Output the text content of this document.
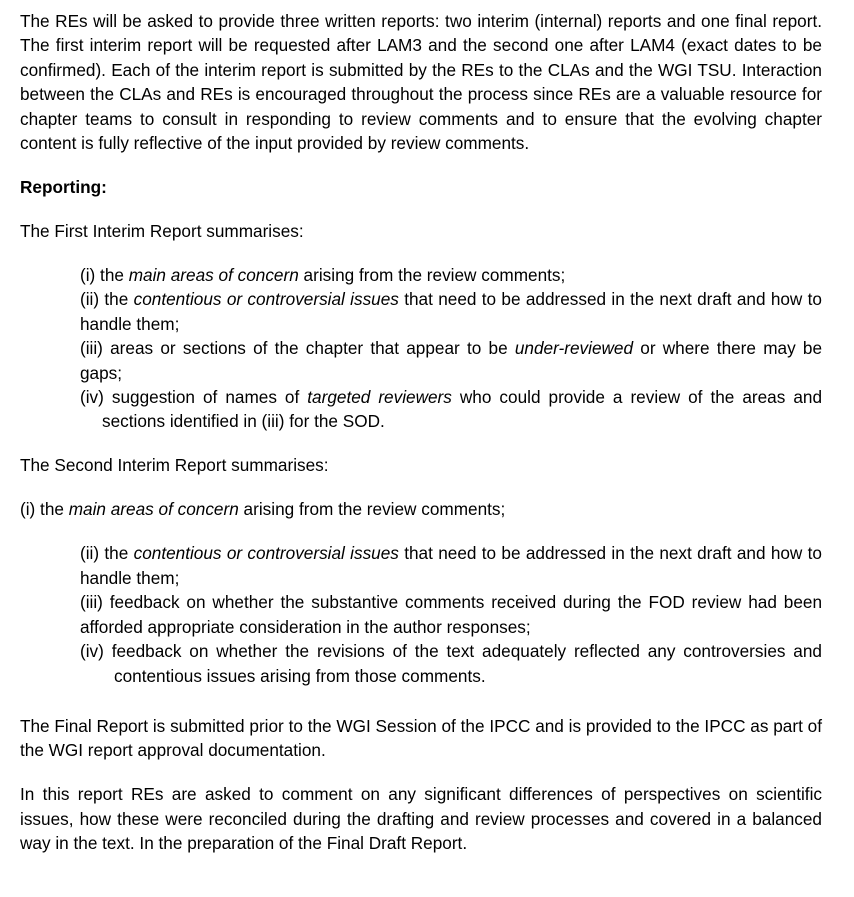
The REs will be asked to provide three written reports: two interim (internal) reports and one final report. The first interim report will be requested after LAM3 and the second one after LAM4 (exact dates to be confirmed). Each of the interim report is submitted by the REs to the CLAs and the WGI TSU. Interaction between the CLAs and REs is encouraged throughout the process since REs are a valuable resource for chapter teams to consult in responding to review comments and to ensure that the evolving chapter content is fully reflective of the input provided by review comments.

Reporting:

The First Interim Report summarises:

(i) the main areas of concern arising from the review comments;

(ii) the contentious or controversial issues that need to be addressed in the next draft and how to handle them;

(iii) areas or sections of the chapter that appear to be under-reviewed or where there may be gaps;

(iv) suggestion of names of targeted reviewers who could provide a review of the areas and sections identified in (iii) for the SOD.

The Second Interim Report summarises:

(i) the main areas of concern arising from the review comments;

(ii) the contentious or controversial issues that need to be addressed in the next draft and how to handle them;

(iii) feedback on whether the substantive comments received during the FOD review had been afforded appropriate consideration in the author responses;

(iv) feedback on whether the revisions of the text adequately reflected any controversies and contentious issues arising from those comments.

The Final Report is submitted prior to the WGI Session of the IPCC and is provided to the IPCC as part of the WGI report approval documentation.

In this report REs are asked to comment on any significant differences of perspectives on scientific issues, how these were reconciled during the drafting and review processes and covered in a balanced way in the text. In the preparation of the Final Draft Report.
